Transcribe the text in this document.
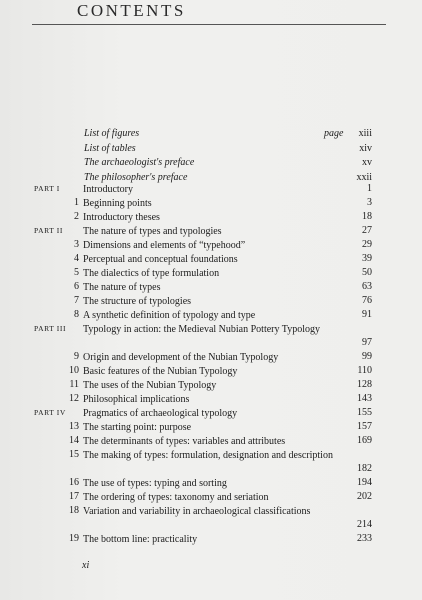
CONTENTS
List of figures	page xiii
List of tables	xiv
The archaeologist's preface	xv
The philosopher's preface	xxii
PART I Introductory	1
1 Beginning points	3
2 Introductory theses	18
PART II The nature of types and typologies	27
3 Dimensions and elements of “typehood”	29
4 Perceptual and conceptual foundations	39
5 The dialectics of type formulation	50
6 The nature of types	63
7 The structure of typologies	76
8 A synthetic definition of typology and type	91
PART III Typology in action: the Medieval Nubian Pottery Typology
97
9 Origin and development of the Nubian Typology	99
10 Basic features of the Nubian Typology	110
11 The uses of the Nubian Typology	128
12 Philosophical implications	143
PART IV Pragmatics of archaeological typology	155
13 The starting point: purpose	157
14 The determinants of types: variables and attributes	169
15 The making of types: formulation, designation and description
182
16 The use of types: typing and sorting	194
17 The ordering of types: taxonomy and seriation	202
18 Variation and variability in archaeological classifications
214
19 The bottom line: practicality	233
xi
